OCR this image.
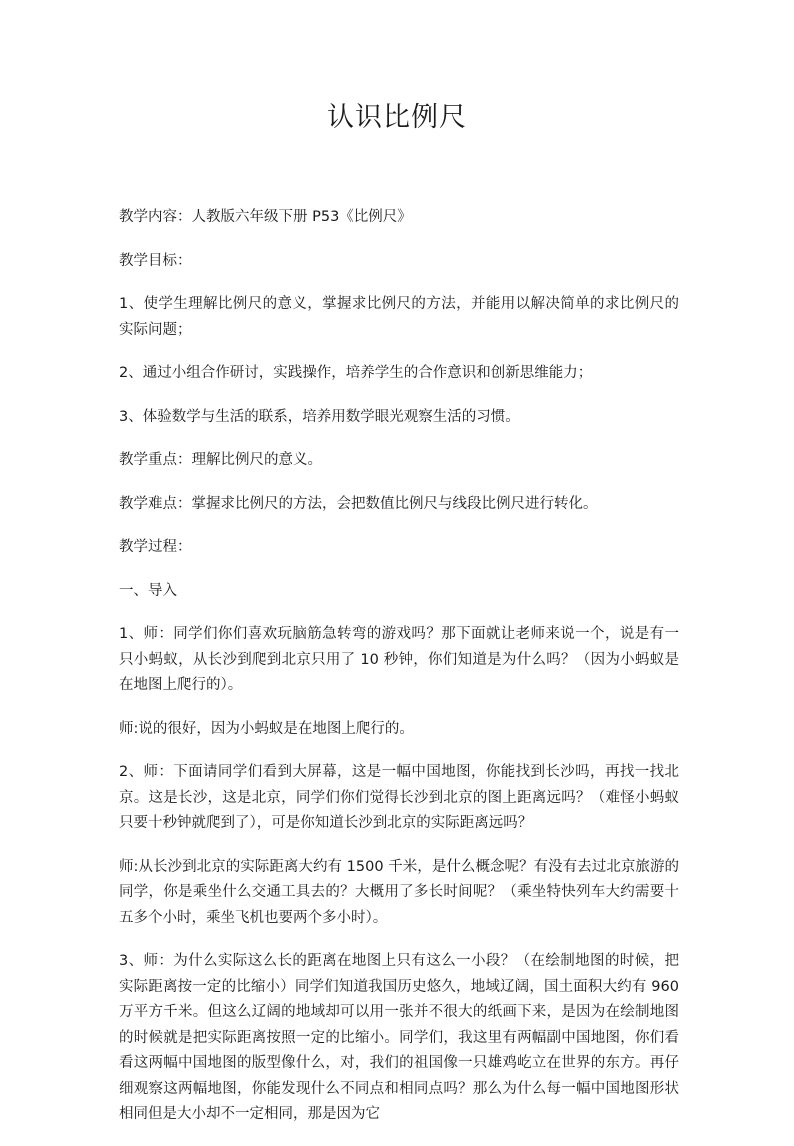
认识比例尺

教学内容：人教版六年级下册 P53《比例尺》

教学目标：

1、使学生理解比例尺的意义，掌握求比例尺的方法，并能用以解决简单的求比例尺的实际问题；

2、通过小组合作研讨，实践操作，培养学生的合作意识和创新思维能力；

3、体验数学与生活的联系，培养用数学眼光观察生活的习惯。

教学重点：理解比例尺的意义。

教学难点：掌握求比例尺的方法，会把数值比例尺与线段比例尺进行转化。

教学过程：

一、导入

1、师：同学们你们喜欢玩脑筋急转弯的游戏吗？那下面就让老师来说一个，说是有一只小蚂蚁，从长沙到爬到北京只用了 10 秒钟，你们知道是为什么吗？（因为小蚂蚁是在地图上爬行的）。

师:说的很好，因为小蚂蚁是在地图上爬行的。

2、师：下面请同学们看到大屏幕，这是一幅中国地图，你能找到长沙吗，再找一找北京。这是长沙，这是北京，同学们你们觉得长沙到北京的图上距离远吗？（难怪小蚂蚁只要十秒钟就爬到了），可是你知道长沙到北京的实际距离远吗？

师:从长沙到北京的实际距离大约有 1500 千米，是什么概念呢？有没有去过北京旅游的同学，你是乘坐什么交通工具去的？大概用了多长时间呢？（乘坐特快列车大约需要十五多个小时，乘坐飞机也要两个多小时）。

3、师：为什么实际这么长的距离在地图上只有这么一小段？（在绘制地图的时候，把实际距离按一定的比缩小）同学们知道我国历史悠久，地域辽阔，国土面积大约有 960 万平方千米。但这么辽阔的地域却可以用一张并不很大的纸画下来，是因为在绘制地图的时候就是把实际距离按照一定的比缩小。同学们，我这里有两幅副中国地图，你们看看这两幅中国地图的版型像什么，对，我们的祖国像一只雄鸡屹立在世界的东方。再仔细观察这两幅地图，你能发现什么不同点和相同点吗？那么为什么每一幅中国地图形状相同但是大小却不一定相同，那是因为它
